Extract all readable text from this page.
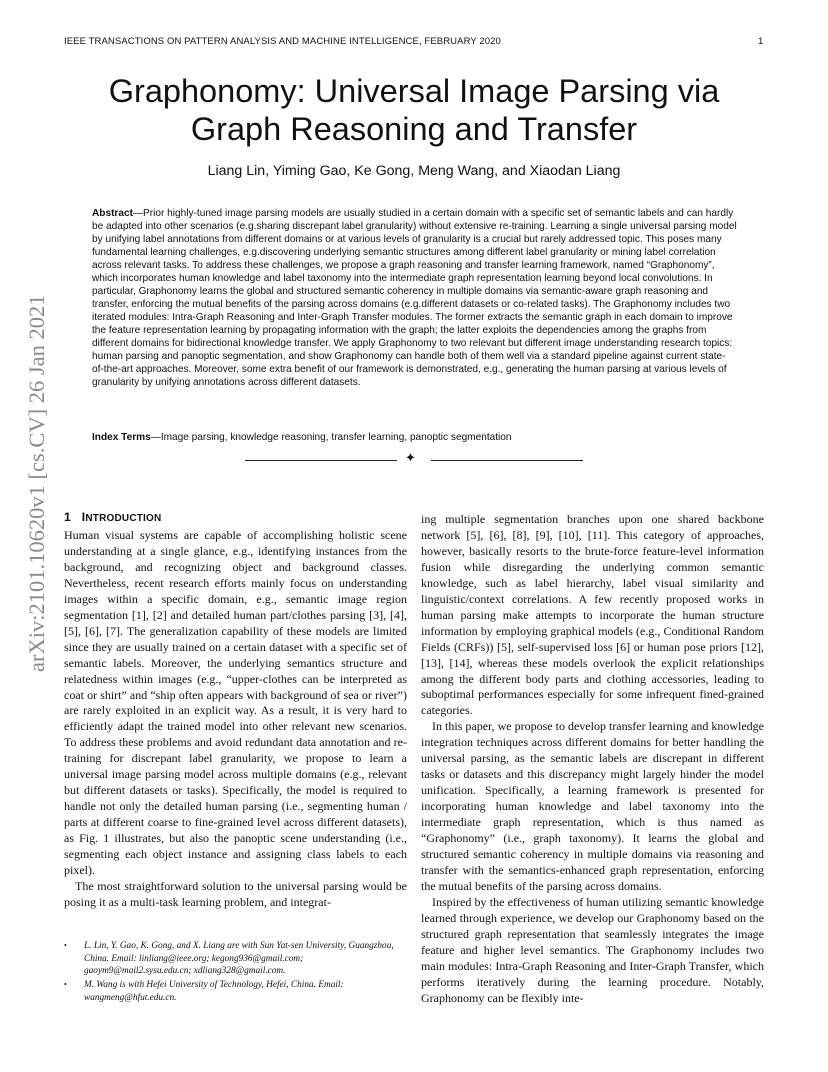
IEEE TRANSACTIONS ON PATTERN ANALYSIS AND MACHINE INTELLIGENCE, FEBRUARY 2020	1
arXiv:2101.10620v1 [cs.CV] 26 Jan 2021
Graphonomy: Universal Image Parsing via
Graph Reasoning and Transfer
Liang Lin, Yiming Gao, Ke Gong, Meng Wang, and Xiaodan Liang
Abstract—Prior highly-tuned image parsing models are usually studied in a certain domain with a specific set of semantic labels and can hardly be adapted into other scenarios (e.g.sharing discrepant label granularity) without extensive re-training. Learning a single universal parsing model by unifying label annotations from different domains or at various levels of granularity is a crucial but rarely addressed topic. This poses many fundamental learning challenges, e.g.discovering underlying semantic structures among different label granularity or mining label correlation across relevant tasks. To address these challenges, we propose a graph reasoning and transfer learning framework, named “Graphonomy”, which incorporates human knowledge and label taxonomy into the intermediate graph representation learning beyond local convolutions. In particular, Graphonomy learns the global and structured semantic coherency in multiple domains via semantic-aware graph reasoning and transfer, enforcing the mutual benefits of the parsing across domains (e.g.different datasets or co-related tasks). The Graphonomy includes two iterated modules: Intra-Graph Reasoning and Inter-Graph Transfer modules. The former extracts the semantic graph in each domain to improve the feature representation learning by propagating information with the graph; the latter exploits the dependencies among the graphs from different domains for bidirectional knowledge transfer. We apply Graphonomy to two relevant but different image understanding research topics: human parsing and panoptic segmentation, and show Graphonomy can handle both of them well via a standard pipeline against current state-of-the-art approaches. Moreover, some extra benefit of our framework is demonstrated, e.g., generating the human parsing at various levels of granularity by unifying annotations across different datasets.
Index Terms—Image parsing, knowledge reasoning, transfer learning, panoptic segmentation
✦
1 INTRODUCTION

Human visual systems are capable of accomplishing holistic scene understanding at a single glance, e.g., identifying instances from the background, and recognizing object and background classes. Nevertheless, recent research efforts mainly focus on understanding images within a specific domain, e.g., semantic image region segmentation [1], [2] and detailed human part/clothes parsing [3], [4], [5], [6], [7]. The generalization capability of these models are limited since they are usually trained on a certain dataset with a specific set of semantic labels. Moreover, the underlying semantics structure and relatedness within images (e.g., “upper-clothes can be interpreted as coat or shirt” and “ship often appears with background of sea or river”) are rarely exploited in an explicit way. As a result, it is very hard to efficiently adapt the trained model into other relevant new scenarios. To address these problems and avoid redundant data annotation and re-training for discrepant label granularity, we propose to learn a universal image parsing model across multiple domains (e.g., relevant but different datasets or tasks). Specifically, the model is required to handle not only the detailed human parsing (i.e., segmenting human / parts at different coarse to fine-grained level across different datasets), as Fig. 1 illustrates, but also the panoptic scene understanding (i.e., segmenting each object instance and assigning class labels to each pixel).

The most straightforward solution to the universal parsing would be posing it as a multi-task learning problem, and integrat-

ing multiple segmentation branches upon one shared backbone network [5], [6], [8], [9], [10], [11]. This category of approaches, however, basically resorts to the brute-force feature-level information fusion while disregarding the underlying common semantic knowledge, such as label hierarchy, label visual similarity and linguistic/context correlations. A few recently proposed works in human parsing make attempts to incorporate the human structure information by employing graphical models (e.g., Conditional Random Fields (CRFs)) [5], self-supervised loss [6] or human pose priors [12], [13], [14], whereas these models overlook the explicit relationships among the different body parts and clothing accessories, leading to suboptimal performances especially for some infrequent fined-grained categories.

In this paper, we propose to develop transfer learning and knowledge integration techniques across different domains for better handling the universal parsing, as the semantic labels are discrepant in different tasks or datasets and this discrepancy might largely hinder the model unification. Specifically, a learning framework is presented for incorporating human knowledge and label taxonomy into the intermediate graph representation, which is thus named as “Graphonomy” (i.e., graph taxonomy). It learns the global and structured semantic coherency in multiple domains via reasoning and transfer with the semantics-enhanced graph representation, enforcing the mutual benefits of the parsing across domains.

Inspired by the effectiveness of human utilizing semantic knowledge learned through experience, we develop our Graphonomy based on the structured graph representation that seamlessly integrates the image feature and higher level semantics. The Graphonomy includes two main modules: Intra-Graph Reasoning and Inter-Graph Transfer, which performs iteratively during the learning procedure. Notably, Graphonomy can be flexibly inte-

• L. Lin, Y. Gao, K. Gong, and X. Liang are with Sun Yat-sen University, Guangzhou, China. Email: linliang@ieee.org; kegong936@gmail.com; gaoym9@mail2.sysu.edu.cn; xdliang328@gmail.com.
• M. Wang is with Hefei University of Technology, Hefei, China. Email: wangmeng@hfut.edu.cn.
